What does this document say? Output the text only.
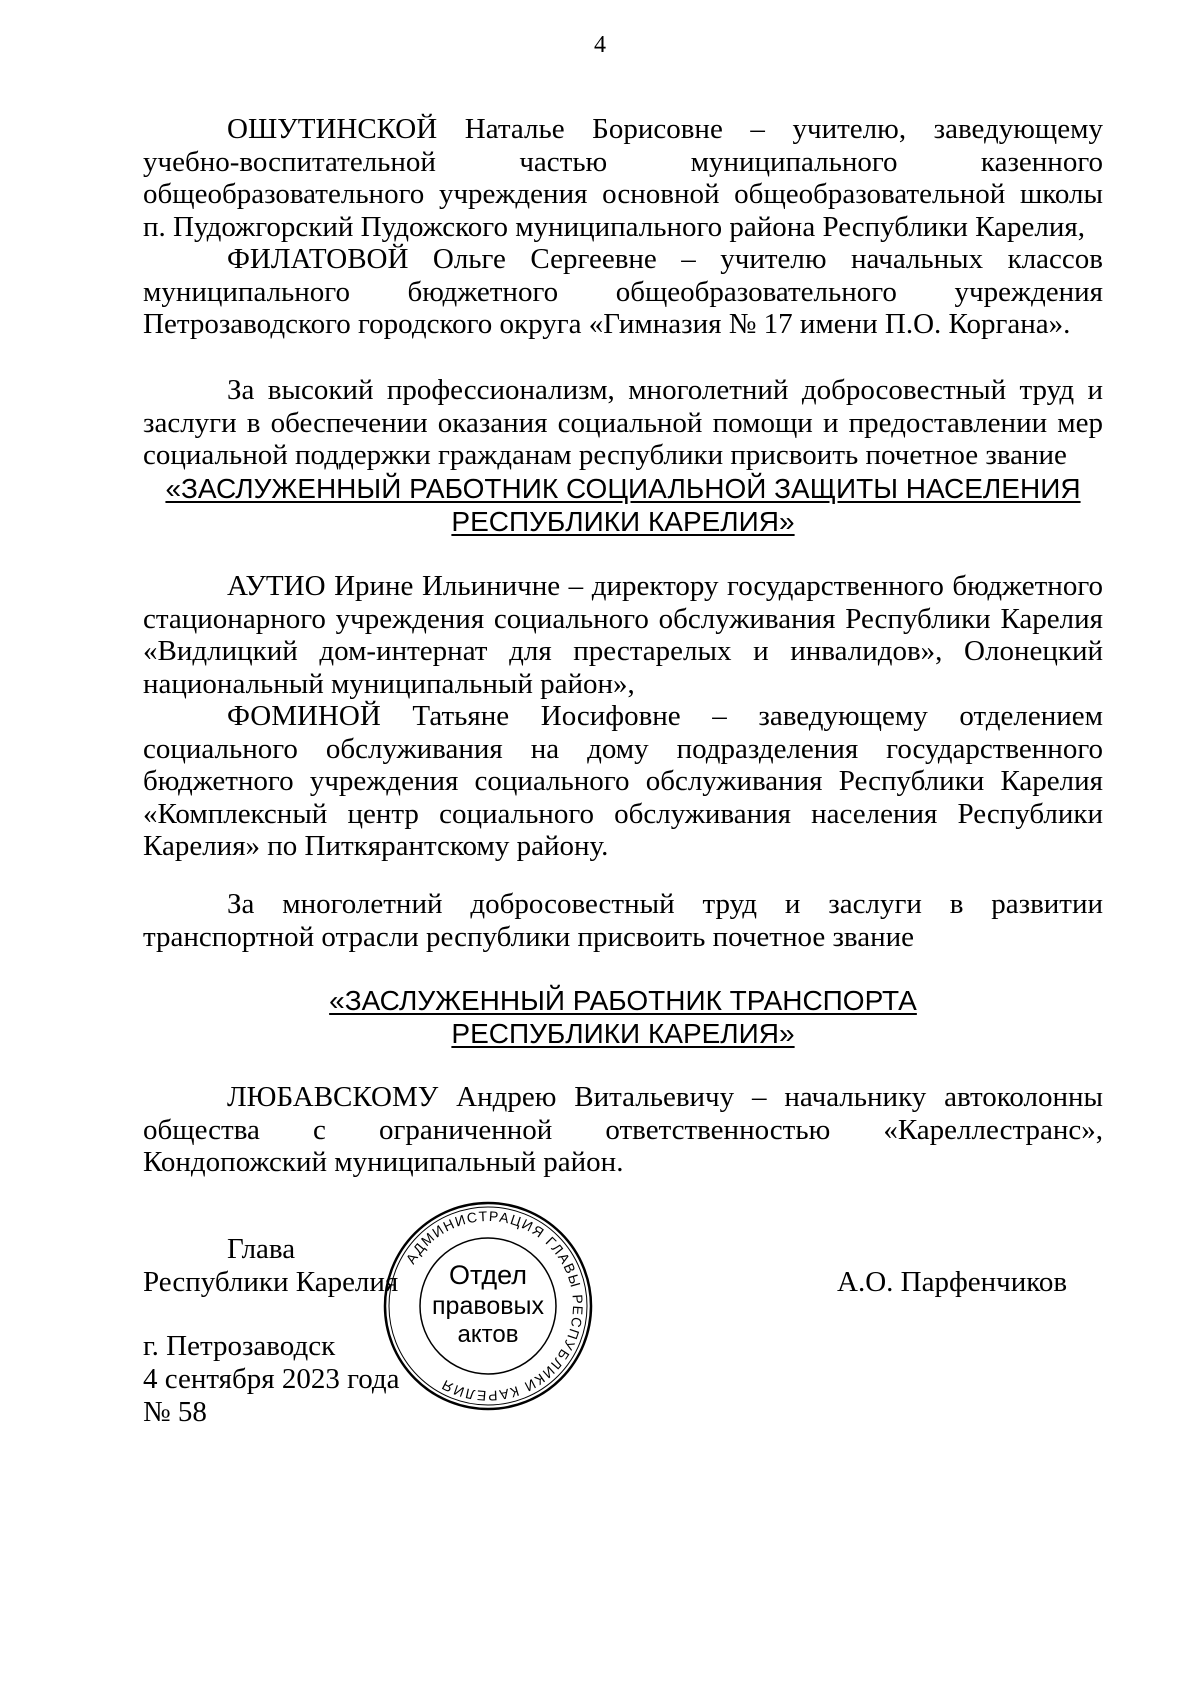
4

ОШУТИНСКОЙ Наталье Борисовне – учителю, заведующему учебно-воспитательной частью муниципального казенного общеобразовательного учреждения основной общеобразовательной школы п. Пудожгорский Пудожского муниципального района Республики Карелия,

ФИЛАТОВОЙ Ольге Сергеевне – учителю начальных классов муниципального бюджетного общеобразовательного учреждения Петрозаводского городского округа «Гимназия № 17 имени П.О. Коргана».

За высокий профессионализм, многолетний добросовестный труд и заслуги в обеспечении оказания социальной помощи и предоставлении мер социальной поддержки гражданам республики присвоить почетное звание

«ЗАСЛУЖЕННЫЙ РАБОТНИК СОЦИАЛЬНОЙ ЗАЩИТЫ НАСЕЛЕНИЯ
РЕСПУБЛИКИ КАРЕЛИЯ»

АУТИО Ирине Ильиничне – директору государственного бюджетного стационарного учреждения социального обслуживания Республики Карелия «Видлицкий дом-интернат для престарелых и инвалидов», Олонецкий национальный муниципальный район»,

ФОМИНОЙ Татьяне Иосифовне – заведующему отделением социального обслуживания на дому подразделения государственного бюджетного учреждения социального обслуживания Республики Карелия «Комплексный центр социального обслуживания населения Республики Карелия» по Питкярантскому району.

За многолетний добросовестный труд и заслуги в развитии транспортной отрасли республики присвоить почетное звание

«ЗАСЛУЖЕННЫЙ РАБОТНИК ТРАНСПОРТА
РЕСПУБЛИКИ КАРЕЛИЯ»

ЛЮБАВСКОМУ Андрею Витальевичу – начальнику автоколонны общества с ограниченной ответственностью «Кареллестранс», Кондопожский муниципальный район.

Глава
Республики Карелия	А.О. Парфенчиков
г. Петрозаводск
4 сентября 2023 года
№ 58
АДМИНИСТРАЦИЯ ГЛАВЫ РЕСПУБЛИКИ КАРЕЛИЯ
Отдел
правовых
актов
